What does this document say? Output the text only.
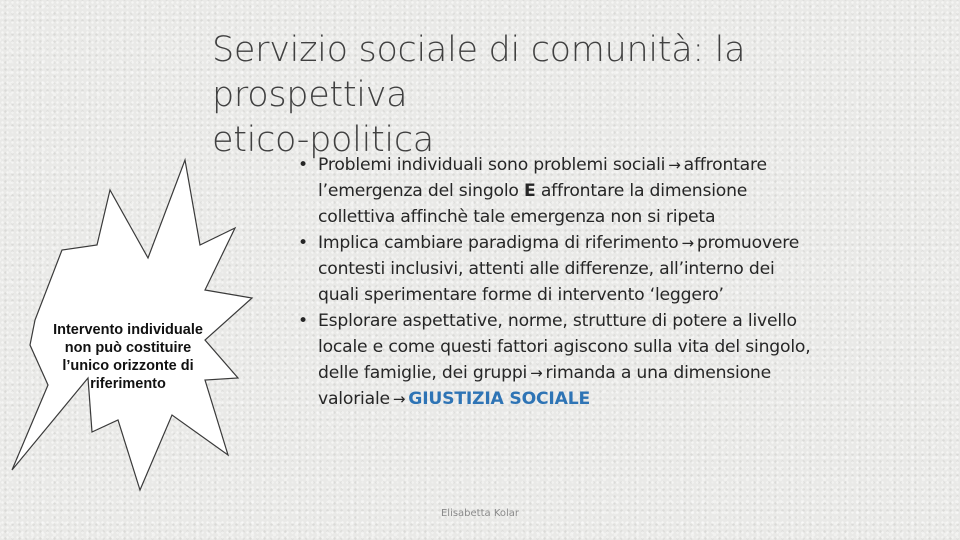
Servizio sociale di comunità: la prospettiva
etico-politica
Intervento individuale
non può costituire
l’unico orizzonte di
riferimento
• Problemi individuali sono problemi sociali → affrontare
l’emergenza del singolo E affrontare la dimensione
collettiva affinchè tale emergenza non si ripeta
• Implica cambiare paradigma di riferimento → promuovere
contesti inclusivi, attenti alle differenze, all’interno dei
quali sperimentare forme di intervento ‘leggero’
• Esplorare aspettative, norme, strutture di potere a livello
locale e come questi fattori agiscono sulla vita del singolo,
delle famiglie, dei gruppi → rimanda a una dimensione
valoriale → GIUSTIZIA SOCIALE
Elisabetta Kolar
